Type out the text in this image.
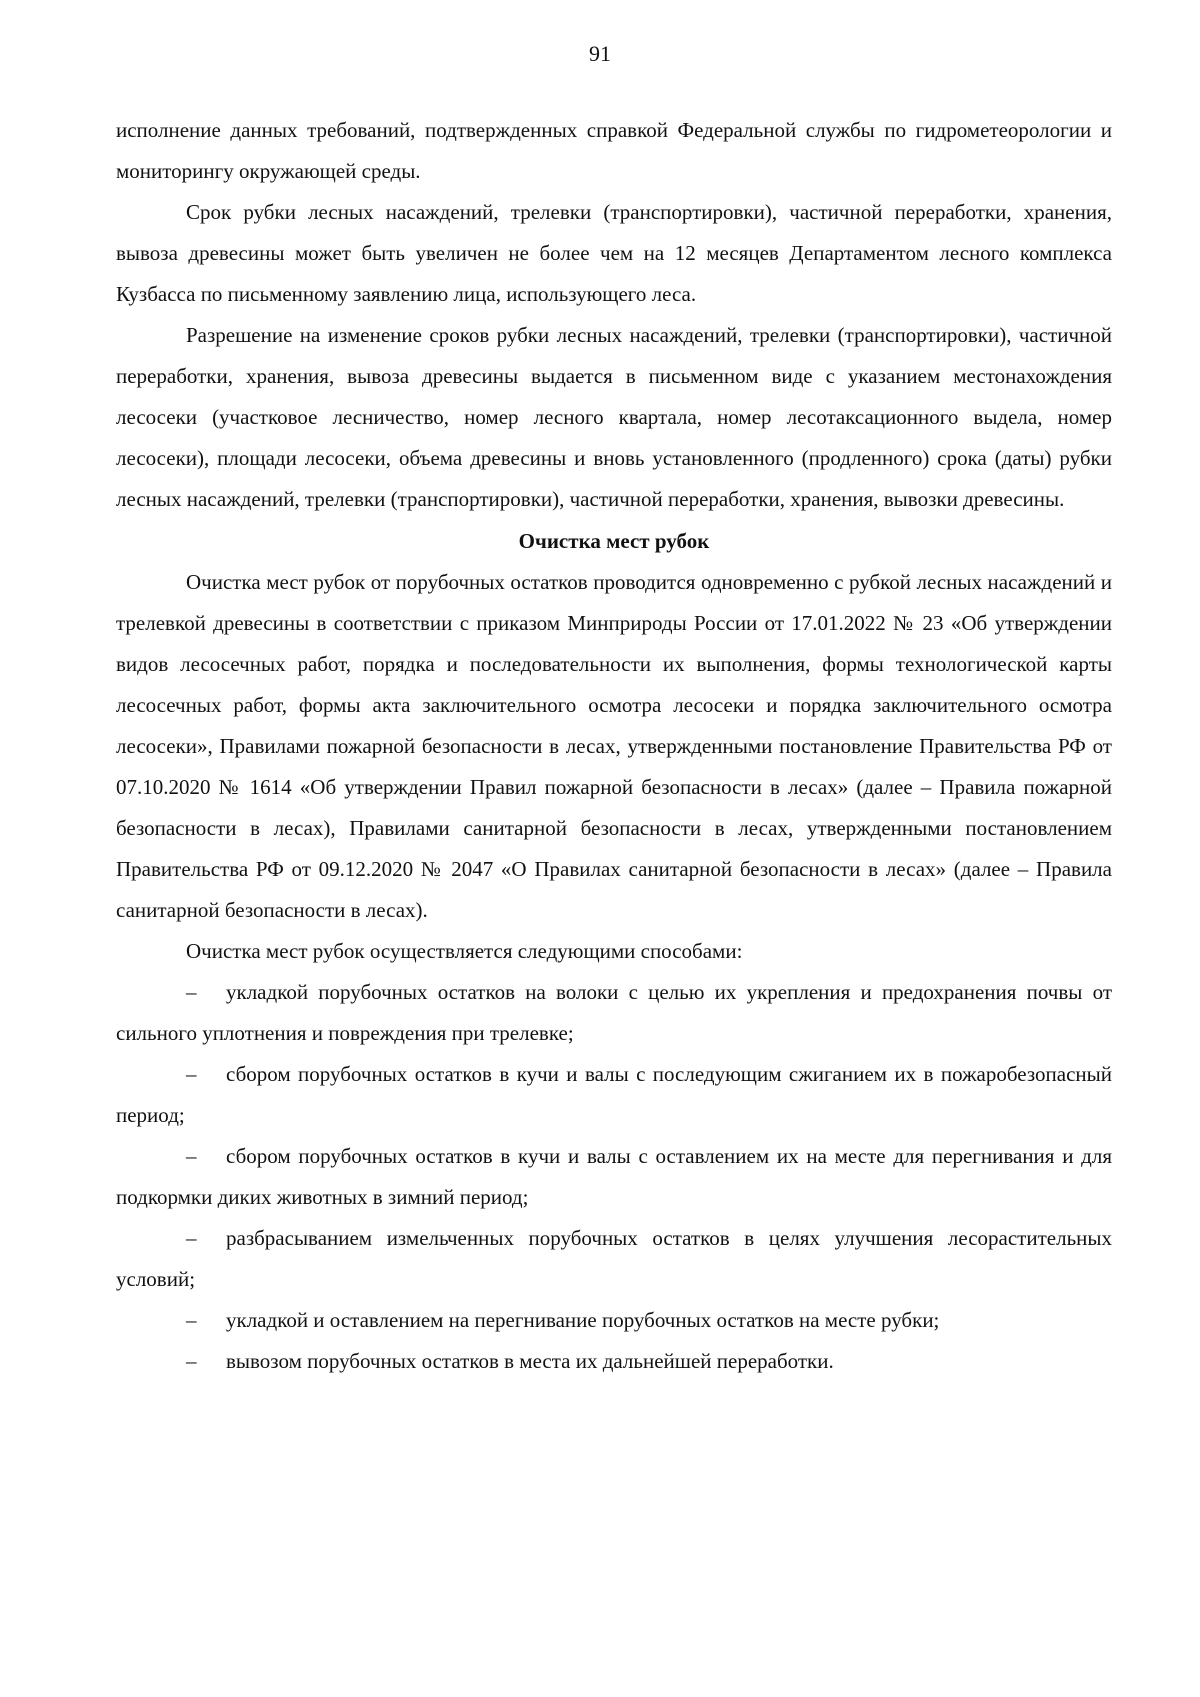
91

исполнение данных требований, подтвержденных справкой Федеральной службы по гидрометеорологии и мониторингу окружающей среды.

Срок рубки лесных насаждений, трелевки (транспортировки), частичной переработки, хранения, вывоза древесины может быть увеличен не более чем на 12 месяцев Департаментом лесного комплекса Кузбасса по письменному заявлению лица, использующего леса.

Разрешение на изменение сроков рубки лесных насаждений, трелевки (транспортировки), частичной переработки, хранения, вывоза древесины выдается в письменном виде с указанием местонахождения лесосеки (участковое лесничество, номер лесного квартала, номер лесотаксационного выдела, номер лесосеки), площади лесосеки, объема древесины и вновь установленного (продленного) срока (даты) рубки лесных насаждений, трелевки (транспортировки), частичной переработки, хранения, вывозки древесины.

Очистка мест рубок

Очистка мест рубок от порубочных остатков проводится одновременно с рубкой лесных насаждений и трелевкой древесины в соответствии с приказом Минприроды России от 17.01.2022 № 23 «Об утверждении видов лесосечных работ, порядка и последовательности их выполнения, формы технологической карты лесосечных работ, формы акта заключительного осмотра лесосеки и порядка заключительного осмотра лесосеки», Правилами пожарной безопасности в лесах, утвержденными постановление Правительства РФ от 07.10.2020 № 1614 «Об утверждении Правил пожарной безопасности в лесах» (далее – Правила пожарной безопасности в лесах), Правилами санитарной безопасности в лесах, утвержденными постановлением Правительства РФ от 09.12.2020 № 2047 «О Правилах санитарной безопасности в лесах» (далее – Правила санитарной безопасности в лесах).

Очистка мест рубок осуществляется следующими способами:

– укладкой порубочных остатков на волоки с целью их укрепления и предохранения почвы от сильного уплотнения и повреждения при трелевке;
– сбором порубочных остатков в кучи и валы с последующим сжиганием их в пожаробезопасный период;
– сбором порубочных остатков в кучи и валы с оставлением их на месте для перегнивания и для подкормки диких животных в зимний период;
– разбрасыванием измельченных порубочных остатков в целях улучшения лесорастительных условий;
– укладкой и оставлением на перегнивание порубочных остатков на месте рубки;
– вывозом порубочных остатков в места их дальнейшей переработки.
